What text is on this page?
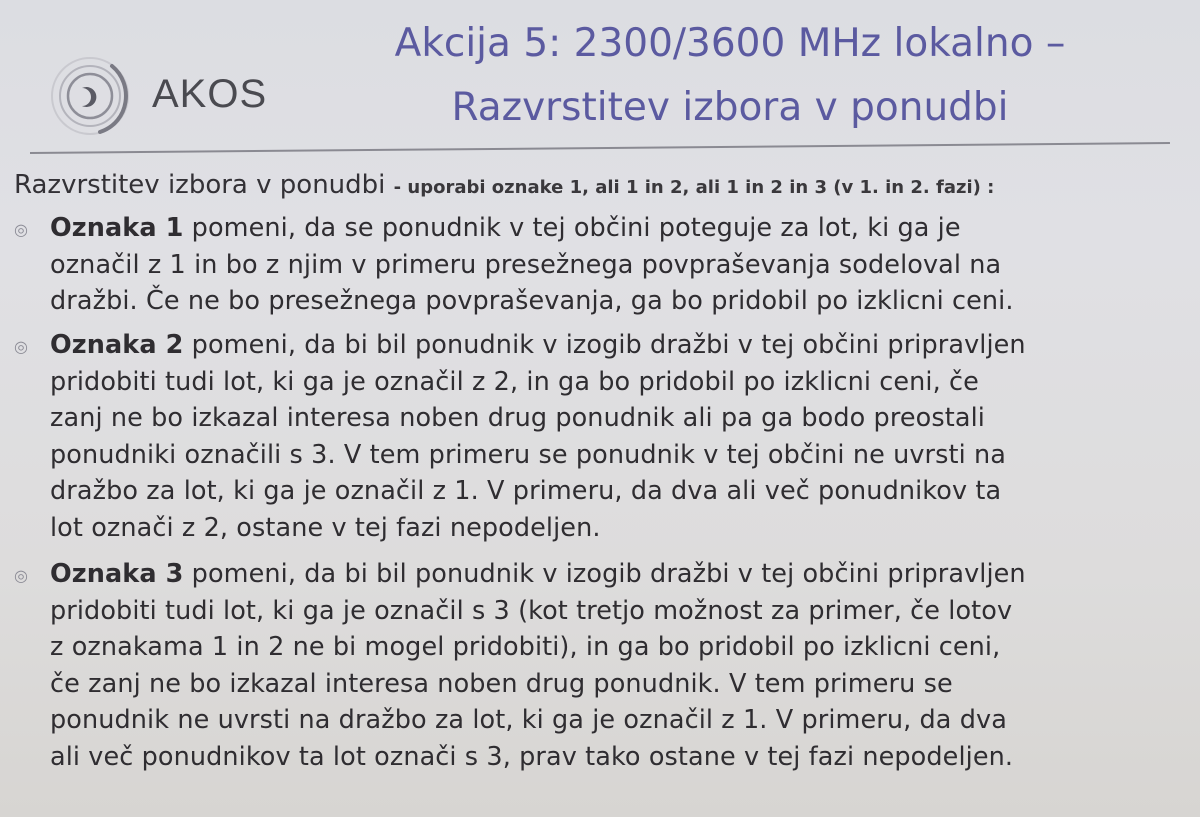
AKOS
Akcija 5: 2300/3600 MHz lokalno –
Razvrstitev izbora v ponudbi
Razvrstitev izbora v ponudbi - uporabi oznake 1, ali 1 in 2, ali 1 in 2 in 3 (v 1. in 2. fazi) :
◎ Oznaka 1 pomeni, da se ponudnik v tej občini poteguje za lot, ki ga je
označil z 1 in bo z njim v primeru presežnega povpraševanja sodeloval na
dražbi. Če ne bo presežnega povpraševanja, ga bo pridobil po izklicni ceni.
◎ Oznaka 2 pomeni, da bi bil ponudnik v izogib dražbi v tej občini pripravljen
pridobiti tudi lot, ki ga je označil z 2, in ga bo pridobil po izklicni ceni, če
zanj ne bo izkazal interesa noben drug ponudnik ali pa ga bodo preostali
ponudniki označili s 3. V tem primeru se ponudnik v tej občini ne uvrsti na
dražbo za lot, ki ga je označil z 1. V primeru, da dva ali več ponudnikov ta
lot označi z 2, ostane v tej fazi nepodeljen.
◎ Oznaka 3 pomeni, da bi bil ponudnik v izogib dražbi v tej občini pripravljen
pridobiti tudi lot, ki ga je označil s 3 (kot tretjo možnost za primer, če lotov
z oznakama 1 in 2 ne bi mogel pridobiti), in ga bo pridobil po izklicni ceni,
če zanj ne bo izkazal interesa noben drug ponudnik. V tem primeru se
ponudnik ne uvrsti na dražbo za lot, ki ga je označil z 1. V primeru, da dva
ali več ponudnikov ta lot označi s 3, prav tako ostane v tej fazi nepodeljen.
